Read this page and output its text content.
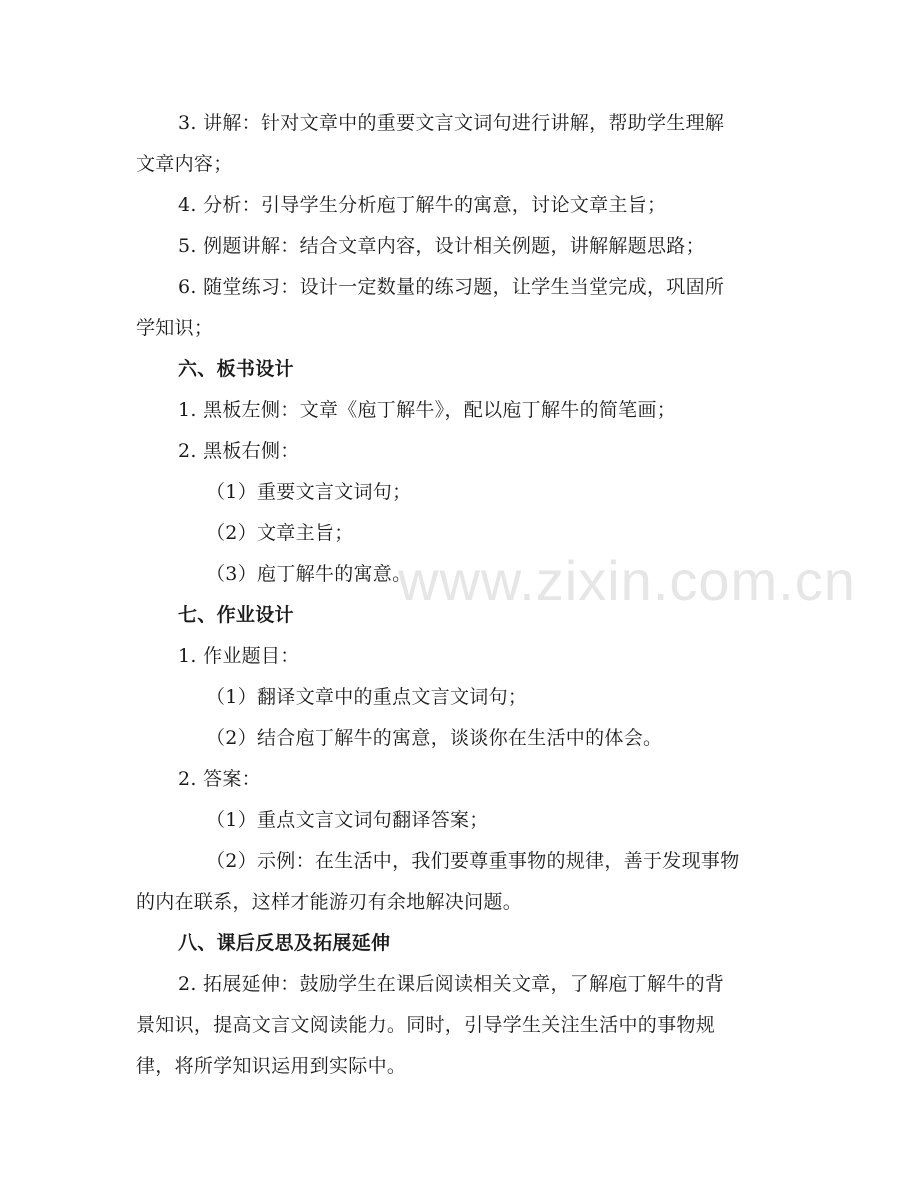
www.zixin.com.cn
3. 讲解：针对文章中的重要文言文词句进行讲解，帮助学生理解
文章内容；
4. 分析：引导学生分析庖丁解牛的寓意，讨论文章主旨；
5. 例题讲解：结合文章内容，设计相关例题，讲解解题思路；
6. 随堂练习：设计一定数量的练习题，让学生当堂完成，巩固所
学知识；
六、板书设计
1. 黑板左侧：文章《庖丁解牛》，配以庖丁解牛的简笔画；
2. 黑板右侧：
（1）重要文言文词句；
（2）文章主旨；
（3）庖丁解牛的寓意。
七、作业设计
1. 作业题目：
（1）翻译文章中的重点文言文词句；
（2）结合庖丁解牛的寓意，谈谈你在生活中的体会。
2. 答案：
（1）重点文言文词句翻译答案；
（2）示例：在生活中，我们要尊重事物的规律，善于发现事物
的内在联系，这样才能游刃有余地解决问题。
八、课后反思及拓展延伸
2. 拓展延伸：鼓励学生在课后阅读相关文章，了解庖丁解牛的背
景知识，提高文言文阅读能力。同时，引导学生关注生活中的事物规
律，将所学知识运用到实际中。
